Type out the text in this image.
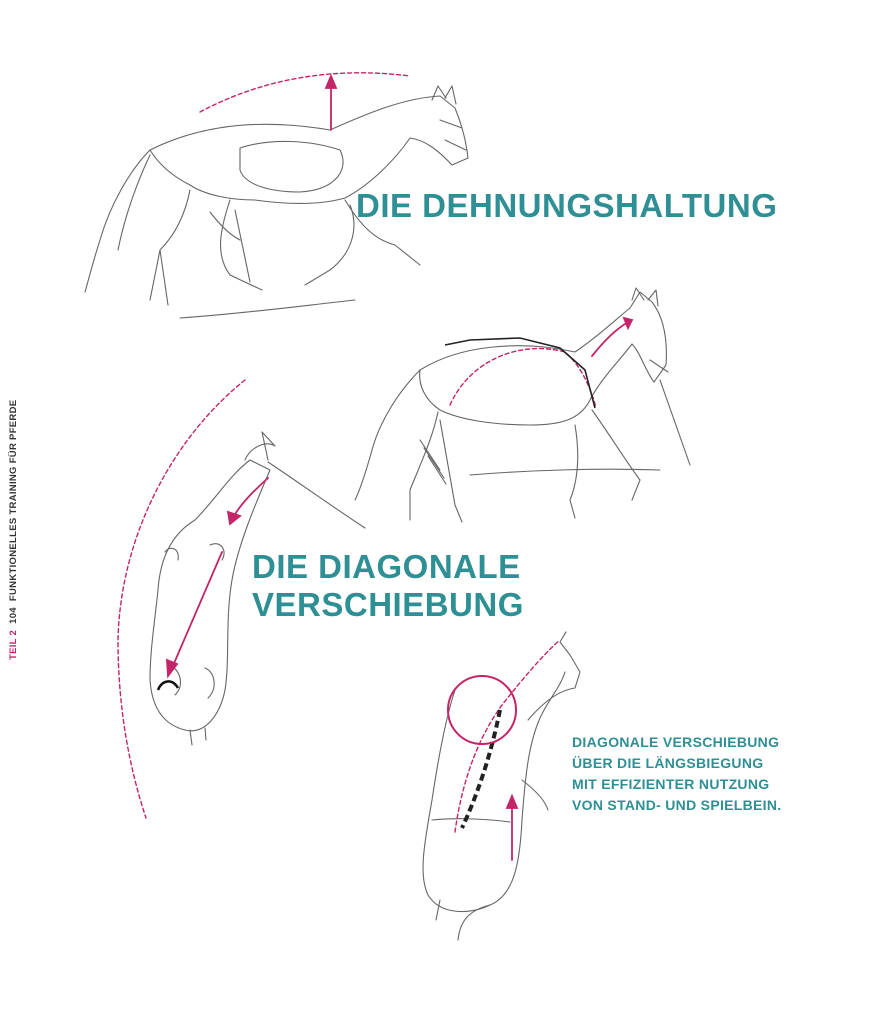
DIE DEHNUNGSHALTUNG
DIE DIAGONALE
VERSCHIEBUNG
DIAGONALE VERSCHIEBUNG
ÜBER DIE LÄNGSBIEGUNG
MIT EFFIZIENTER NUTZUNG
VON STAND- UND SPIELBEIN.
TEIL 2104FUNKTIONELLES TRAINING FÜR PFERDE
